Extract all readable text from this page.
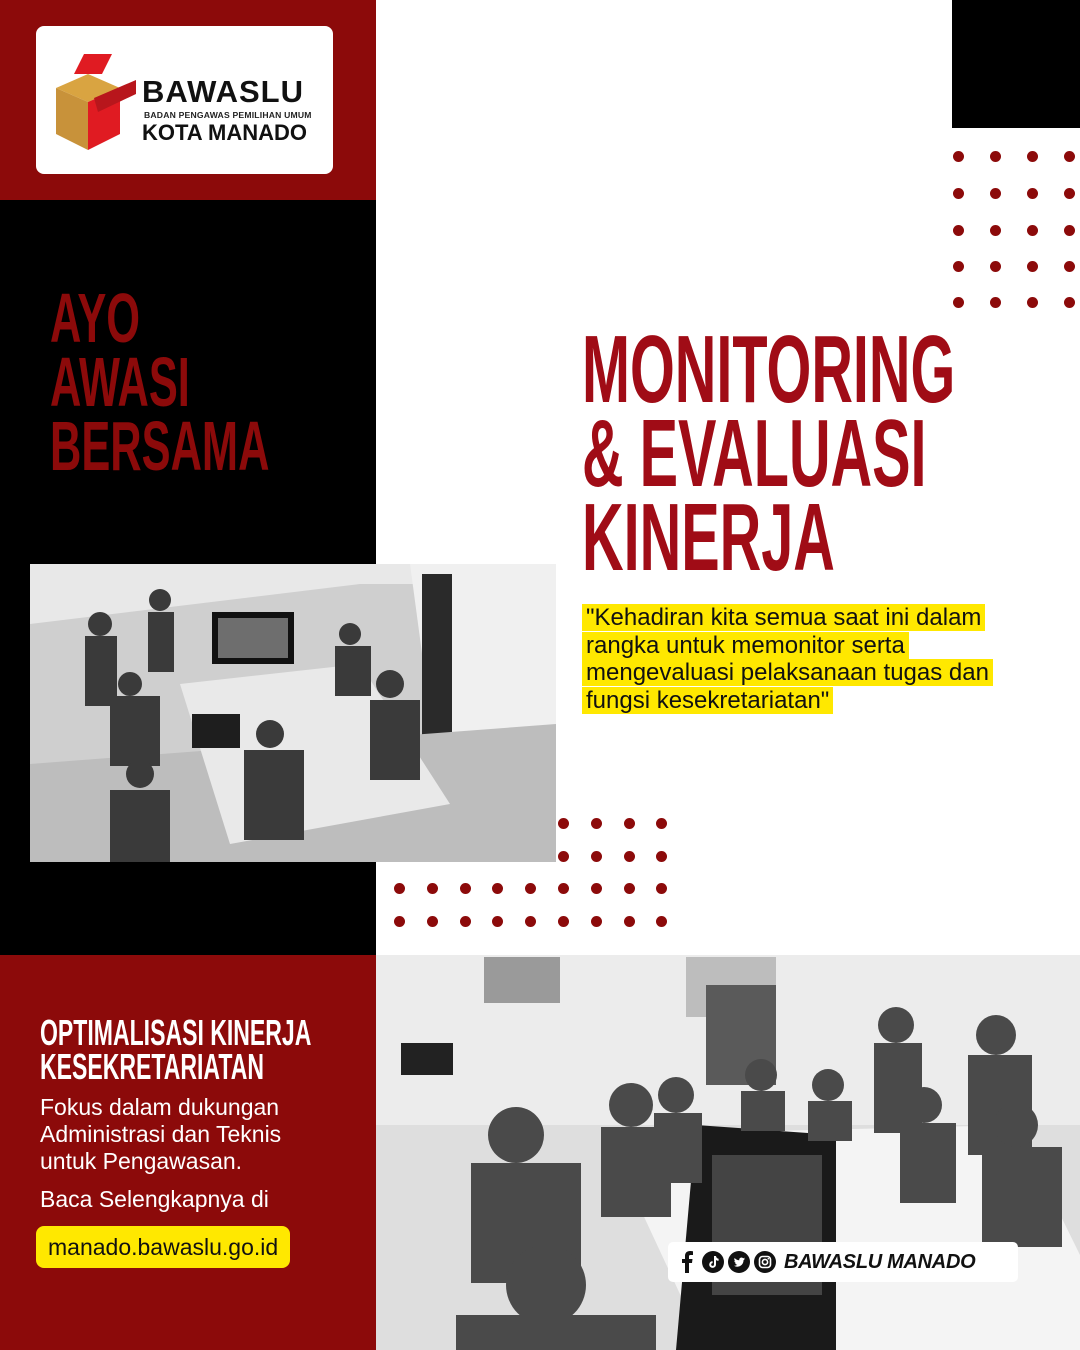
BAWASLU
BADAN PENGAWAS PEMILIHAN UMUM
KOTA MANADO
AYO
AWASI
BERSAMA
MONITORING
& EVALUASI
KINERJA
"Kehadiran kita semua saat ini dalam rangka untuk memonitor serta mengevaluasi pelaksanaan tugas dan fungsi kesekretariatan"
OPTIMALISASI KINERJA
KESEKRETARIATAN
Fokus dalam dukungan Administrasi dan Teknis untuk Pengawasan.
Baca Selengkapnya di
manado.bawaslu.go.id
BAWASLU MANADO
